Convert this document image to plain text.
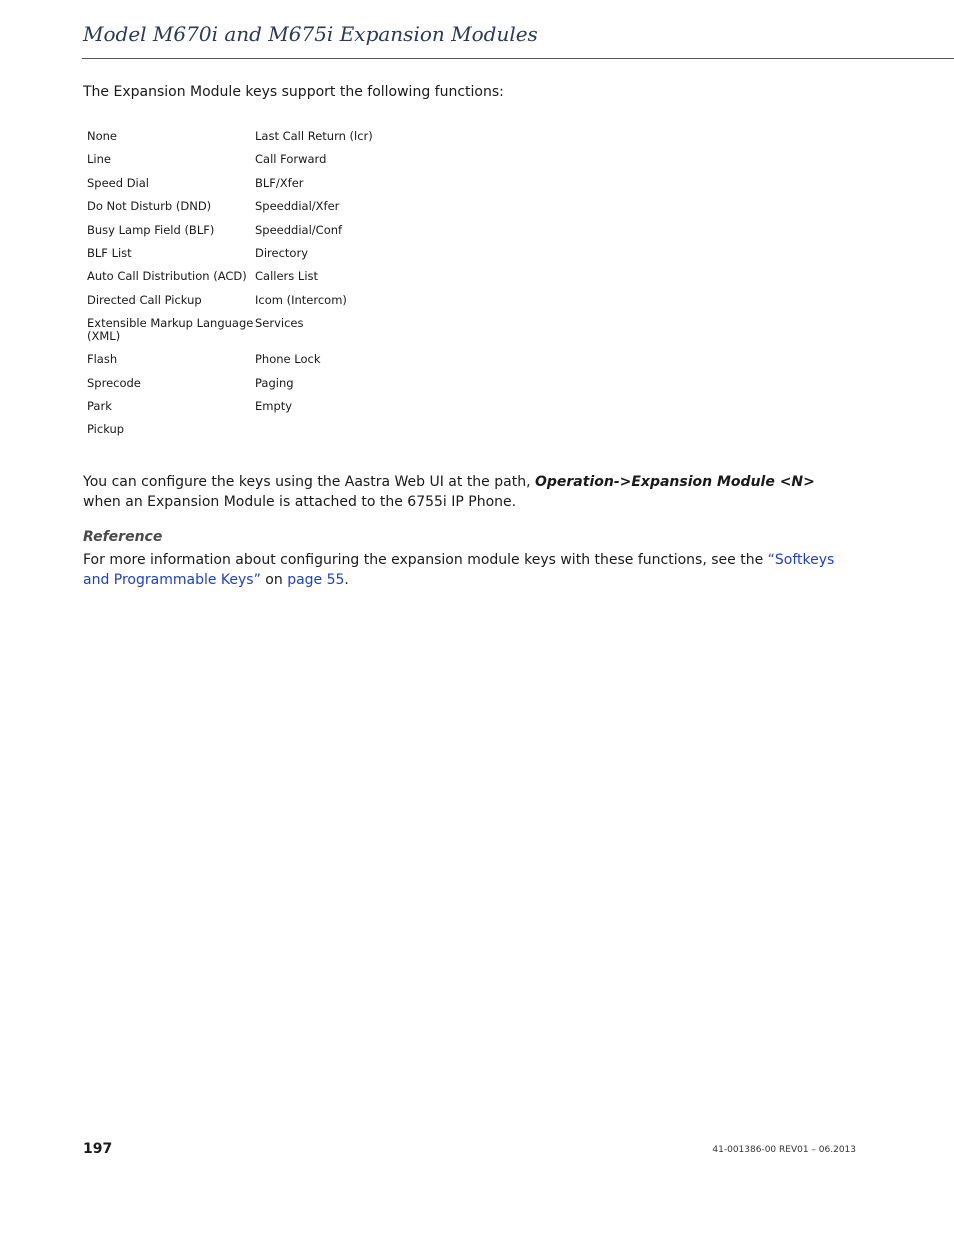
Model M670i and M675i Expansion Modules
The Expansion Module keys support the following functions:
None	Last Call Return (lcr)
Line	Call Forward
Speed Dial	BLF/Xfer
Do Not Disturb (DND)	Speeddial/Xfer
Busy Lamp Field (BLF)	Speeddial/Conf
BLF List	Directory
Auto Call Distribution (ACD)	Callers List
Directed Call Pickup	Icom (Intercom)
Extensible Markup Language (XML)	Services
Flash	Phone Lock
Sprecode	Paging
Park	Empty
Pickup	

You can configure the keys using the Aastra Web UI at the path, Operation->Expansion Module <N> when an Expansion Module is attached to the 6755i IP Phone.

Reference

For more information about configuring the expansion module keys with these functions, see the “Softkeys and Programmable Keys” on page 55.

197	41-001386-00 REV01 – 06.2013
